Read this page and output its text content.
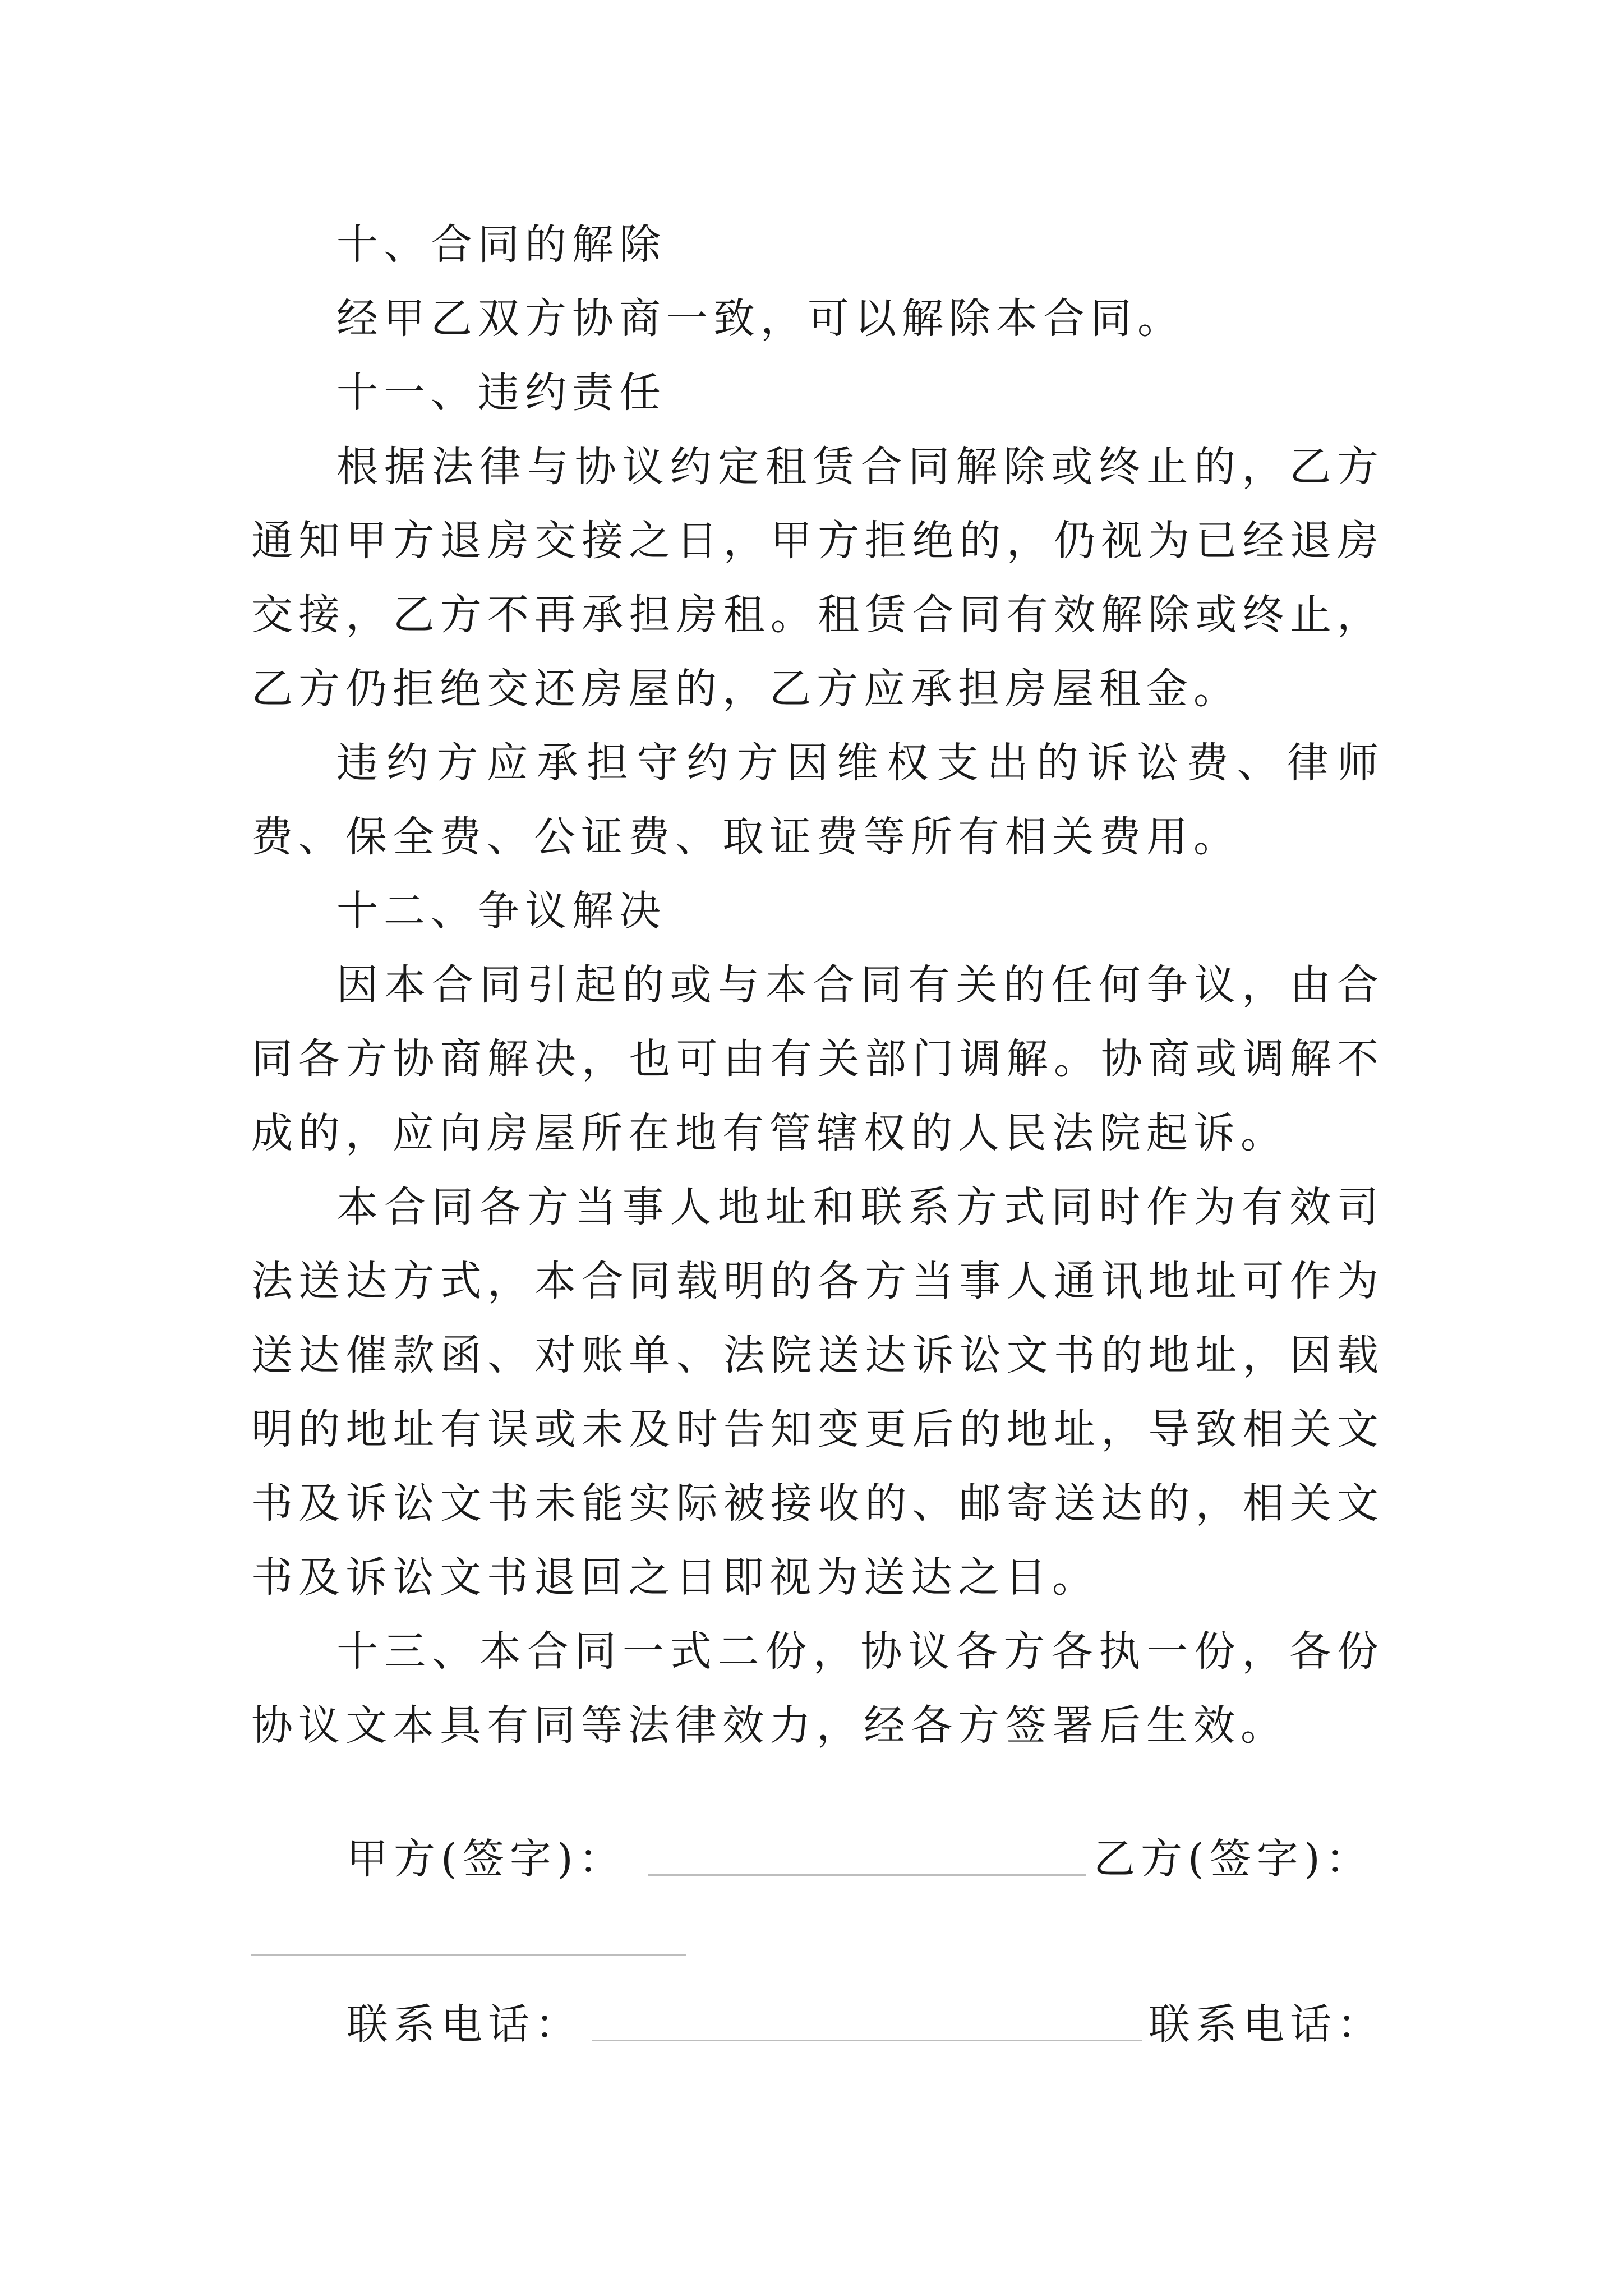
十、合同的解除

经甲乙双方协商一致，可以解除本合同。

十一、违约责任

根据法律与协议约定租赁合同解除或终止的，乙方通知甲方退房交接之日，甲方拒绝的，仍视为已经退房交接，乙方不再承担房租。租赁合同有效解除或终止，乙方仍拒绝交还房屋的，乙方应承担房屋租金。

违约方应承担守约方因维权支出的诉讼费、律师费、保全费、公证费、取证费等所有相关费用。

十二、争议解决

因本合同引起的或与本合同有关的任何争议，由合同各方协商解决，也可由有关部门调解。协商或调解不成的，应向房屋所在地有管辖权的人民法院起诉。

本合同各方当事人地址和联系方式同时作为有效司法送达方式，本合同载明的各方当事人通讯地址可作为送达催款函、对账单、法院送达诉讼文书的地址，因载明的地址有误或未及时告知变更后的地址，导致相关文书及诉讼文书未能实际被接收的、邮寄送达的，相关文书及诉讼文书退回之日即视为送达之日。

十三、本合同一式二份，协议各方各执一份，各份协议文本具有同等法律效力，经各方签署后生效。

甲方(签字)：	乙方(签字)：
联系电话：	联系电话：
